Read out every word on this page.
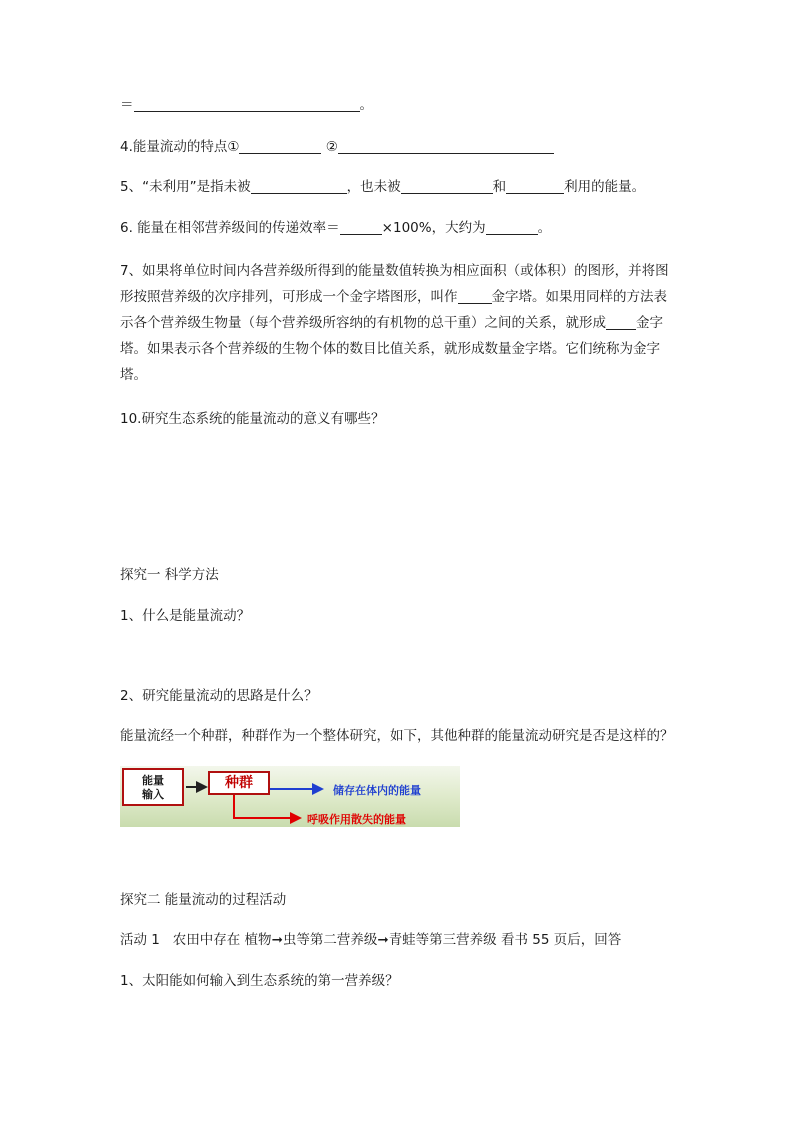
＝	。
4.能量流动的特点①	②
5、“未利用”是指未被	，也未被	和	利用的能量。
6. 能量在相邻营养级间的传递效率＝	×100%，大约为	。
7、如果将单位时间内各营养级所得到的能量数值转换为相应面积（或体积）的图形，并将图形按照营养级的次序排列，可形成一个金字塔图形，叫作	金字塔。如果用同样的方法表示各个营养级生物量（每个营养级所容纳的有机物的总干重）之间的关系，就形成 金字塔。如果表示各个营养级的生物个体的数目比值关系，就形成数量金字塔。它们统称为金字塔。
10.研究生态系统的能量流动的意义有哪些？
探究一 科学方法
1、什么是能量流动？
2、研究能量流动的思路是什么？
能量流经一个种群，种群作为一个整体研究，如下，其他种群的能量流动研究是否是这样的？
能量
输入
种群	储存在体内的能量
呼吸作用散失的能量
探究二 能量流动的过程活动
活动 1 农田中存在 植物➞虫等第二营养级➞青蛙等第三营养级 看书 55 页后，回答
1、太阳能如何输入到生态系统的第一营养级？
